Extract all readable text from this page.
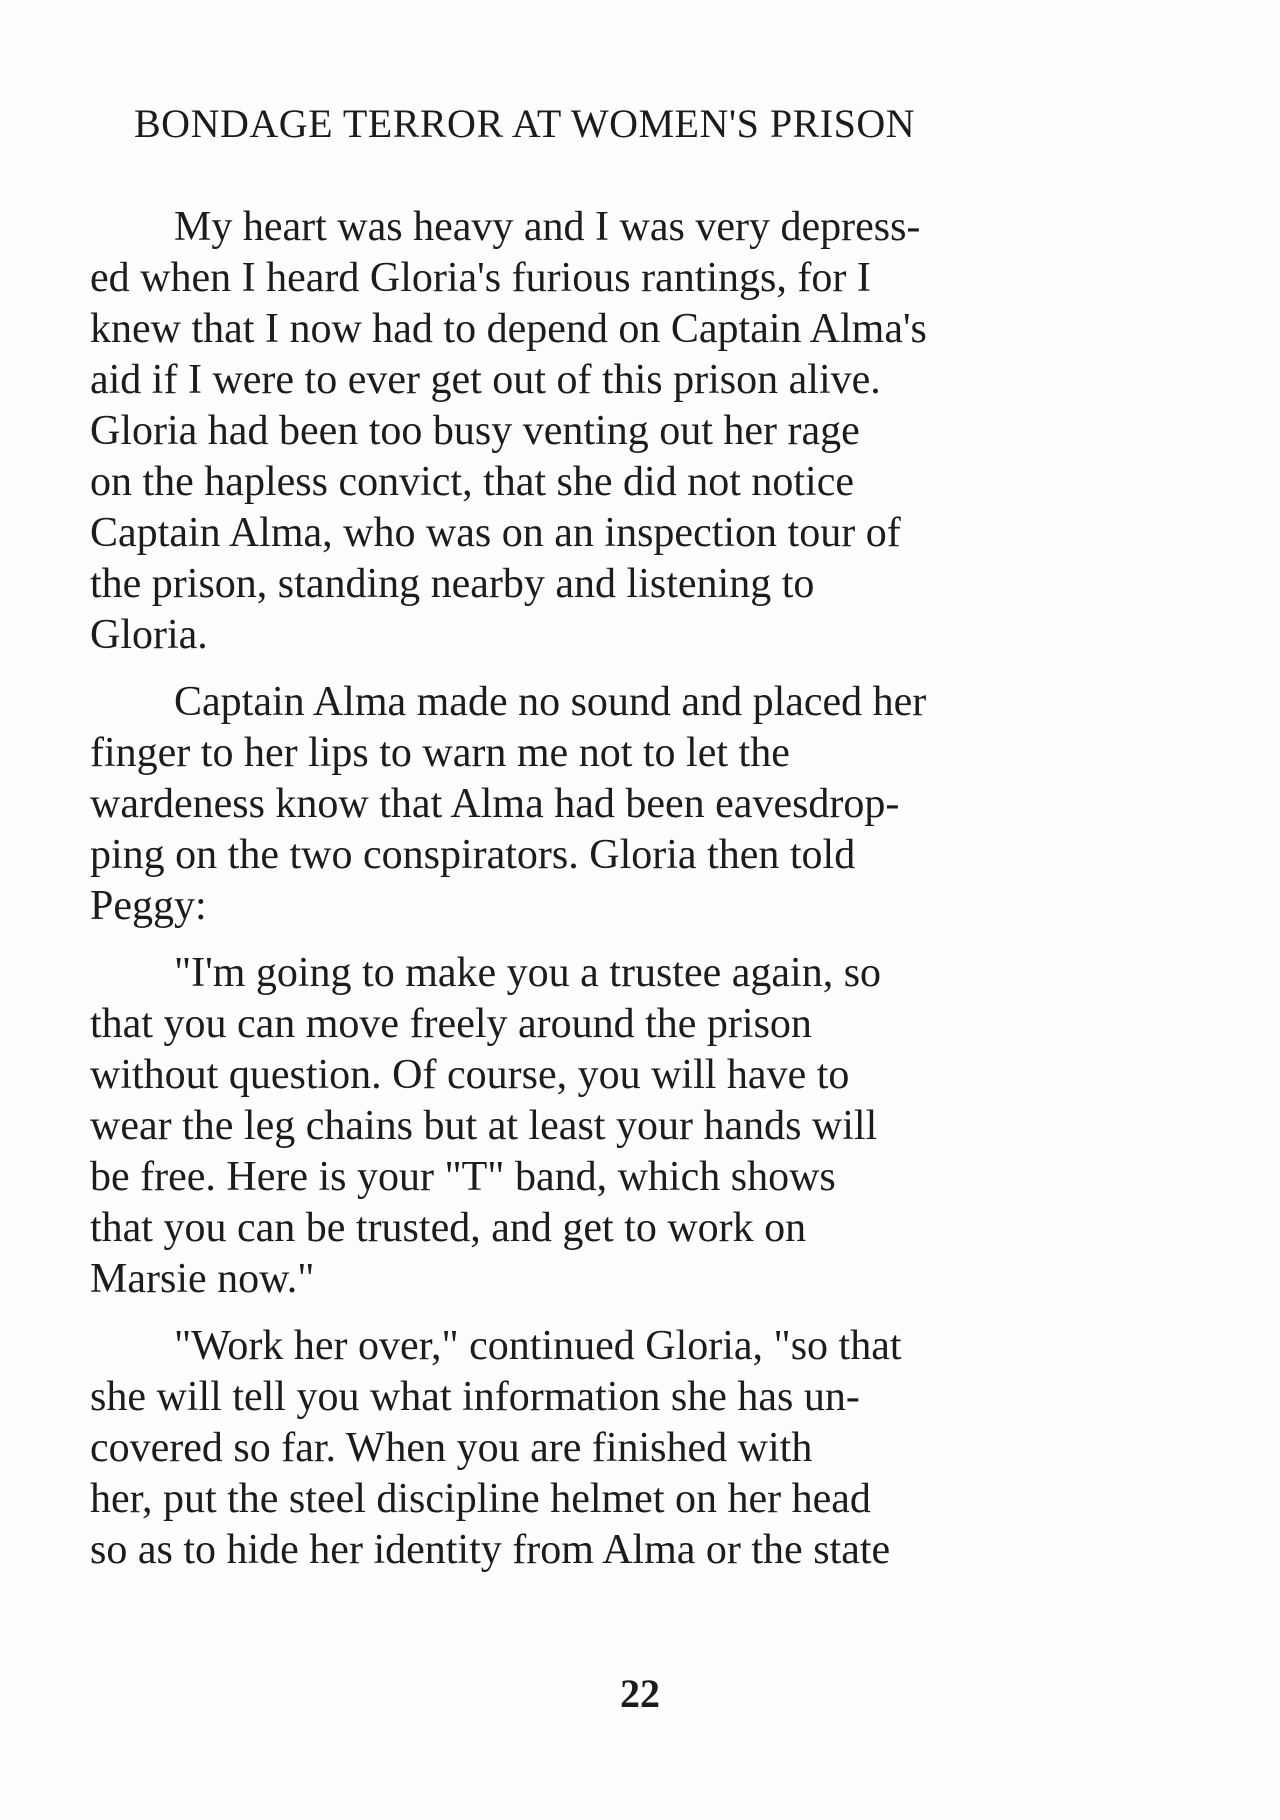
BONDAGE TERROR AT WOMEN'S PRISON
My heart was heavy and I was very depress-
ed when I heard Gloria's furious rantings, for I
knew that I now had to depend on Captain Alma's
aid if I were to ever get out of this prison alive.
Gloria had been too busy venting out her rage
on the hapless convict, that she did not notice
Captain Alma, who was on an inspection tour of
the prison, standing nearby and listening to
Gloria.
Captain Alma made no sound and placed her
finger to her lips to warn me not to let the
wardeness know that Alma had been eavesdrop-
ping on the two conspirators. Gloria then told
Peggy:
"I'm going to make you a trustee again, so
that you can move freely around the prison
without question. Of course, you will have to
wear the leg chains but at least your hands will
be free. Here is your "T" band, which shows
that you can be trusted, and get to work on
Marsie now."
"Work her over," continued Gloria, "so that
she will tell you what information she has un-
covered so far. When you are finished with
her, put the steel discipline helmet on her head
so as to hide her identity from Alma or the state
22
